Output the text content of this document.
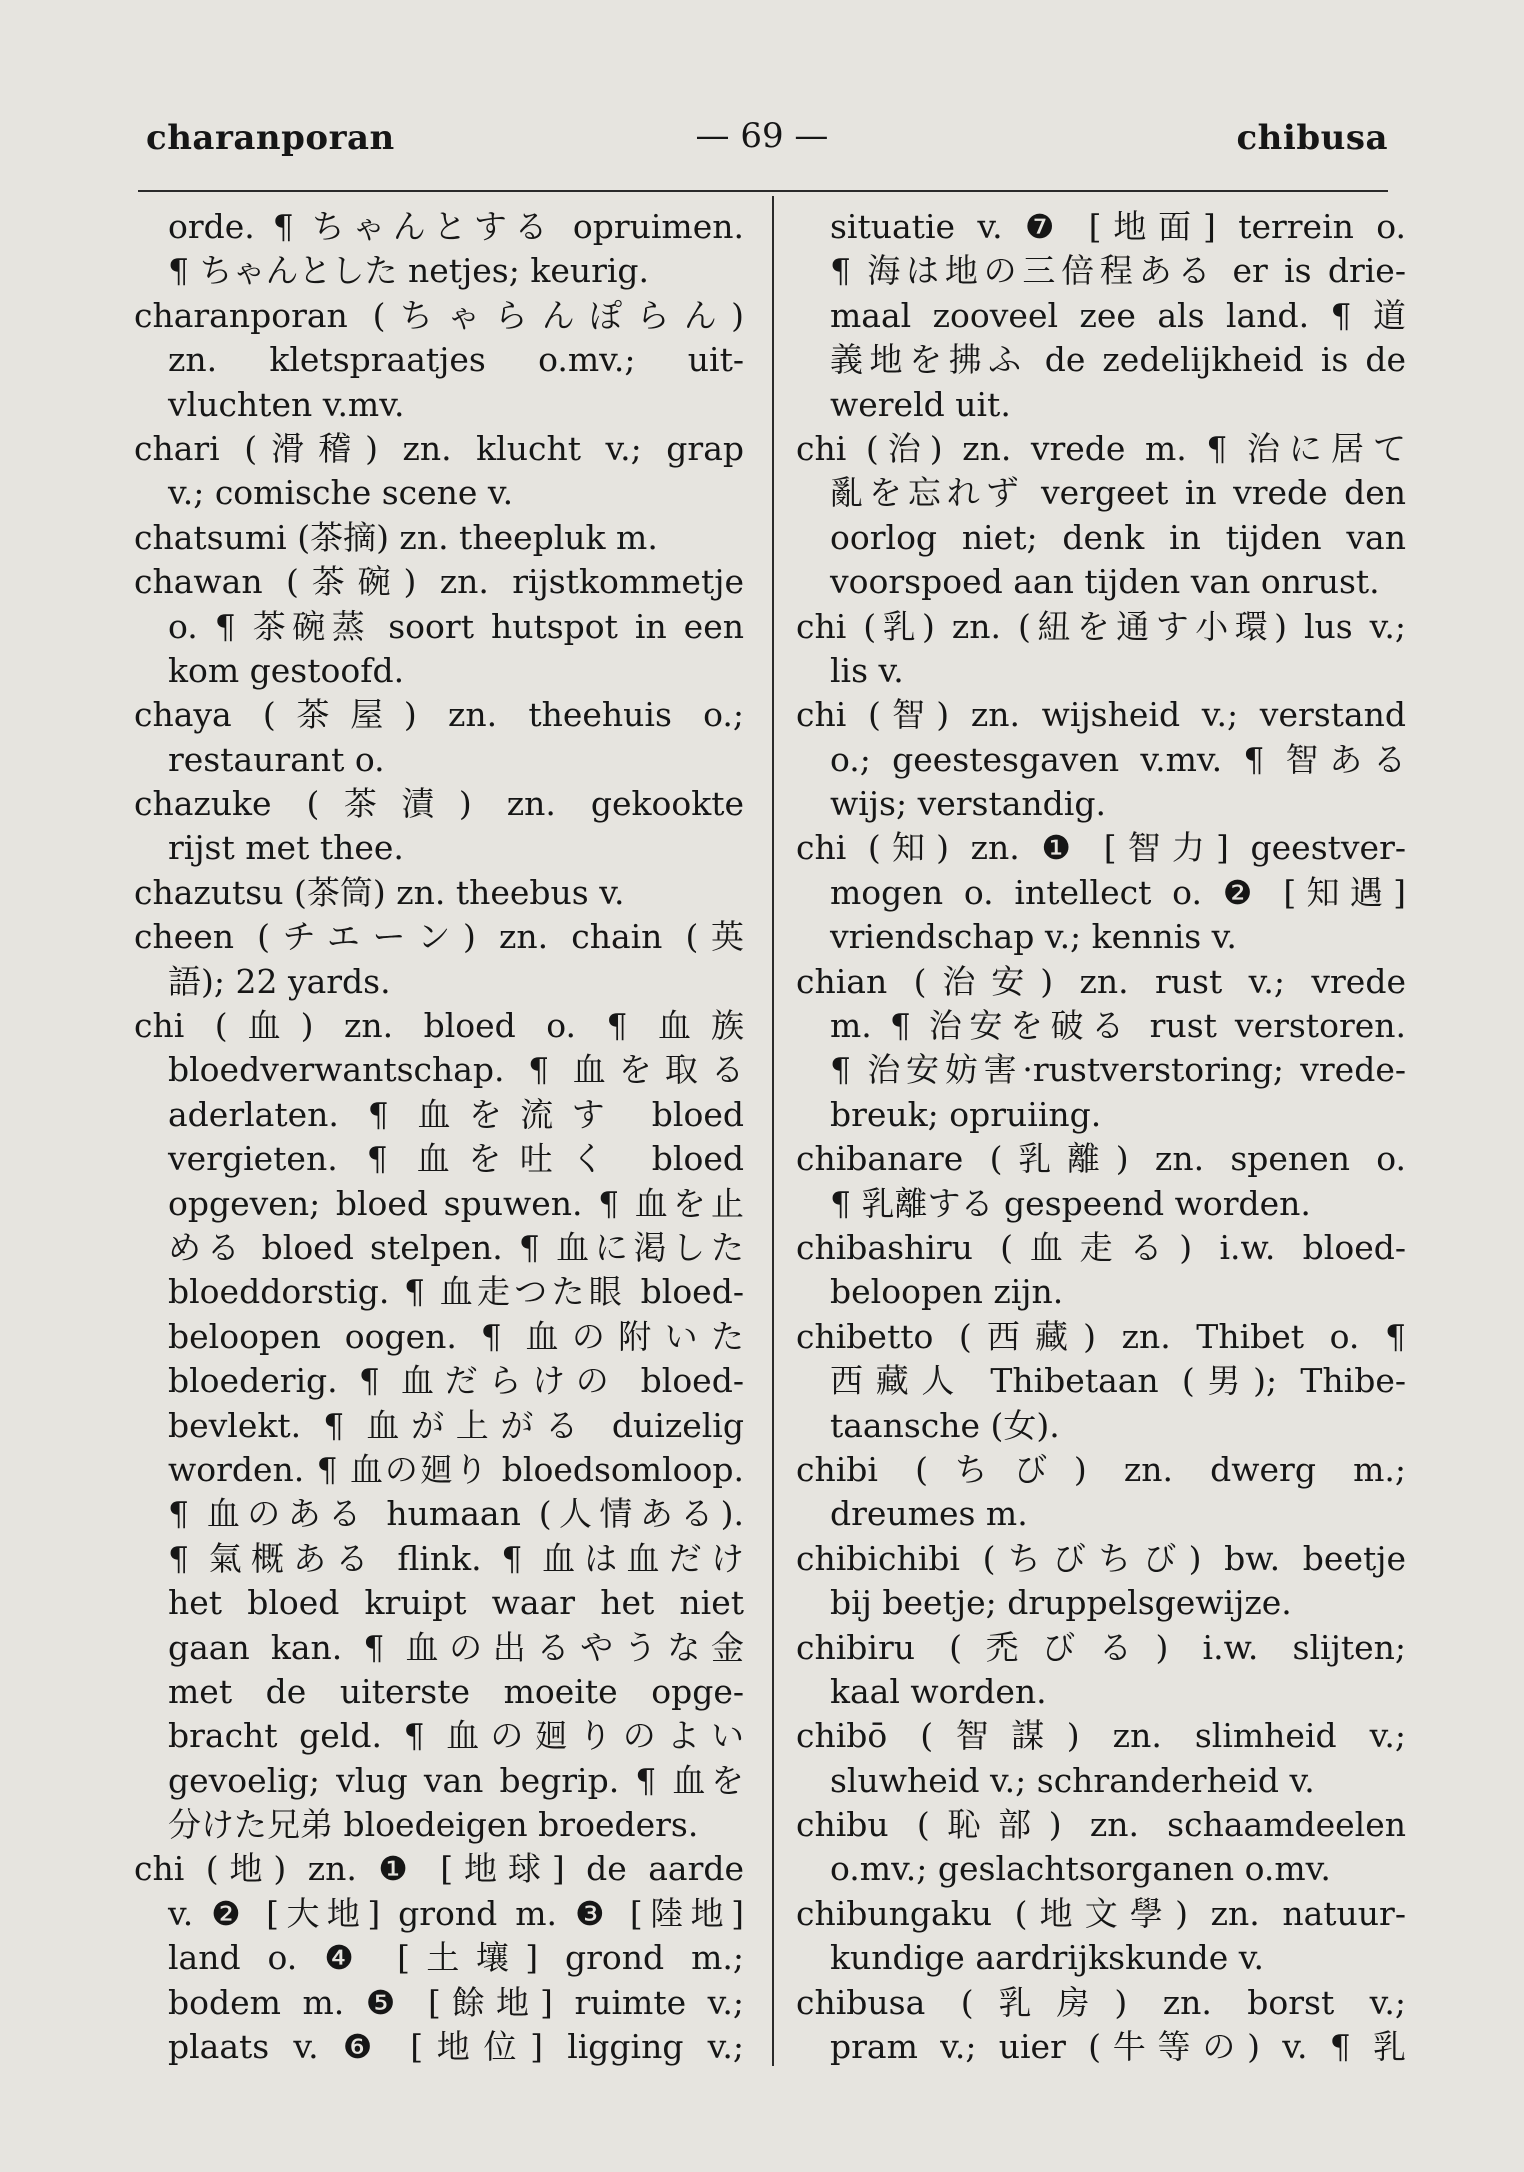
charanporan	— 69 —	chibusa
orde. ¶ ちゃんとする opruimen.
¶ ちゃんとした netjes; keurig.
charanporan (ちゃらんぽらん)
zn. kletspraatjes o.mv.; uit-
vluchten v.mv.
chari (滑稽) zn. klucht v.; grap
v.; comische scene v.
chatsumi (茶摘) zn. theepluk m.
chawan (茶碗) zn. rijstkommetje
o. ¶ 茶碗蒸 soort hutspot in een
kom gestoofd.
chaya (茶屋) zn. theehuis o.;
restaurant o.
chazuke (茶漬) zn. gekookte
rijst met thee.
chazutsu (茶筒) zn. theebus v.
cheen (チエーン) zn. chain (英
語); 22 yards.
chi (血) zn. bloed o. ¶ 血族
bloedverwantschap. ¶ 血を取る
aderlaten. ¶ 血を流す bloed
vergieten. ¶ 血を吐く bloed
opgeven; bloed spuwen. ¶ 血を止
める bloed stelpen. ¶ 血に渇した
bloeddorstig. ¶ 血走つた眼 bloed-
beloopen oogen. ¶ 血の附いた
bloederig. ¶ 血だらけの bloed-
bevlekt. ¶ 血が上がる duizelig
worden. ¶ 血の廻り bloedsomloop.
¶ 血のある humaan (人情ある).
¶ 氣概ある flink. ¶ 血は血だけ
het bloed kruipt waar het niet
gaan kan. ¶ 血の出るやうな金
met de uiterste moeite opge-
bracht geld. ¶ 血の廻りのよい
gevoelig; vlug van begrip. ¶ 血を
分けた兄弟 bloedeigen broeders.
chi (地) zn. ❶ [地球] de aarde
v. ❷ [大地] grond m. ❸ [陸地]
land o. ❹ [土壤] grond m.;
bodem m. ❺ [餘地] ruimte v.;
plaats v. ❻ [地位] ligging v.;
situatie v. ❼ [地面] terrein o.
¶ 海は地の三倍程ある er is drie-
maal zooveel zee als land. ¶ 道
義地を拂ふ de zedelijkheid is de
wereld uit.
chi (治) zn. vrede m. ¶ 治に居て
亂を忘れず vergeet in vrede den
oorlog niet; denk in tijden van
voorspoed aan tijden van onrust.
chi (乳) zn. (紐を通す小環) lus v.;
lis v.
chi (智) zn. wijsheid v.; verstand
o.; geestesgaven v.mv. ¶ 智ある
wijs; verstandig.
chi (知) zn. ❶ [智力] geestver-
mogen o. intellect o. ❷ [知遇]
vriendschap v.; kennis v.
chian (治安) zn. rust v.; vrede
m. ¶ 治安を破る rust verstoren.
¶ 治安妨害·rustverstoring; vrede-
breuk; opruiing.
chibanare (乳離) zn. spenen o.
¶ 乳離する gespeend worden.
chibashiru (血走る) i.w. bloed-
beloopen zijn.
chibetto (西藏) zn. Thibet o. ¶
西藏人 Thibetaan (男); Thibe-
taansche (女).
chibi (ちび) zn. dwerg m.;
dreumes m.
chibichibi (ちびちび) bw. beetje
bij beetje; druppelsgewijze.
chibiru (禿びる) i.w. slijten;
kaal worden.
chibō (智謀) zn. slimheid v.;
sluwheid v.; schranderheid v.
chibu (恥部) zn. schaamdeelen
o.mv.; geslachtsorganen o.mv.
chibungaku (地文學) zn. natuur-
kundige aardrijkskunde v.
chibusa (乳房) zn. borst v.;
pram v.; uier (牛等の) v. ¶ 乳
